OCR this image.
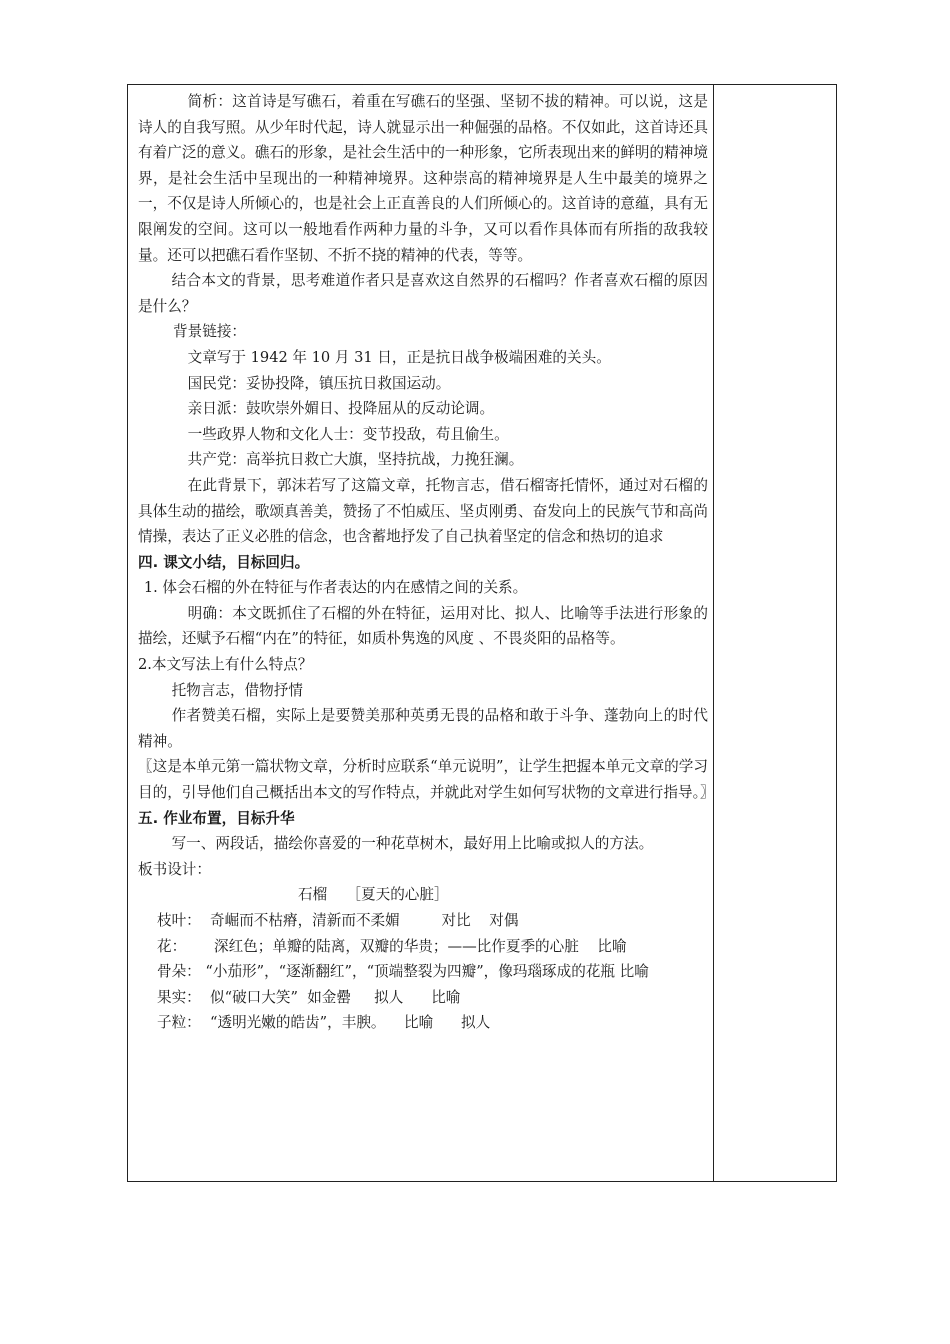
简析：这首诗是写礁石，着重在写礁石的坚强、坚韧不拔的精神。可以说，这是诗人的自我写照。从少年时代起，诗人就显示出一种倔强的品格。不仅如此，这首诗还具有着广泛的意义。礁石的形象，是社会生活中的一种形象，它所表现出来的鲜明的精神境界，是社会生活中呈现出的一种精神境界。这种崇高的精神境界是人生中最美的境界之一，不仅是诗人所倾心的，也是社会上正直善良的人们所倾心的。这首诗的意蕴，具有无限阐发的空间。这可以一般地看作两种力量的斗争，又可以看作具体而有所指的敌我较量。还可以把礁石看作坚韧、不折不挠的精神的代表，等等。

结合本文的背景，思考难道作者只是喜欢这自然界的石榴吗？作者喜欢石榴的原因是什么？

背景链接：

文章写于 1942 年 10 月 31 日，正是抗日战争极端困难的关头。

国民党：妥协投降，镇压抗日救国运动。

亲日派：鼓吹崇外媚日、投降屈从的反动论调。

一些政界人物和文化人士：变节投敌，苟且偷生。

共产党：高举抗日救亡大旗，坚持抗战，力挽狂澜。

在此背景下，郭沫若写了这篇文章，托物言志，借石榴寄托情怀，通过对石榴的具体生动的描绘，歌颂真善美，赞扬了不怕威压、坚贞刚勇、奋发向上的民族气节和高尚情操，表达了正义必胜的信念，也含蓄地抒发了自己执着坚定的信念和热切的追求

四. 课文小结，目标回归。

1. 体会石榴的外在特征与作者表达的内在感情之间的关系。

明确：本文既抓住了石榴的外在特征，运用对比、拟人、比喻等手法进行形象的描绘，还赋予石榴“内在”的特征，如质朴隽逸的风度 、不畏炎阳的品格等。

2.本文写法上有什么特点？

托物言志，借物抒情

作者赞美石榴，实际上是要赞美那种英勇无畏的品格和敢于斗争、蓬勃向上的时代精神。

〖这是本单元第一篇状物文章，分析时应联系“单元说明”，让学生把握本单元文章的学习目的，引导他们自己概括出本文的写作特点，并就此对学生如何写状物的文章进行指导。〗

五. 作业布置，目标升华

写一、两段话，描绘你喜爱的一种花草树木，最好用上比喻或拟人的方法。

板书设计：

石榴　 ［夏天的心脏］

枝叶：  奇崛而不枯瘠，清新而不柔媚         对比    对偶

花：      深红色；单瓣的陆离，双瓣的华贵；——比作夏季的心脏    比喻

骨朵： “小茄形”，“逐渐翻红”，“顶端整裂为四瓣”，像玛瑙琢成的花瓶 比喻

果实：  似“破口大笑”  如金罍     拟人      比喻

子粒：  “透明光嫩的皓齿”，丰腴。    比喻      拟人
